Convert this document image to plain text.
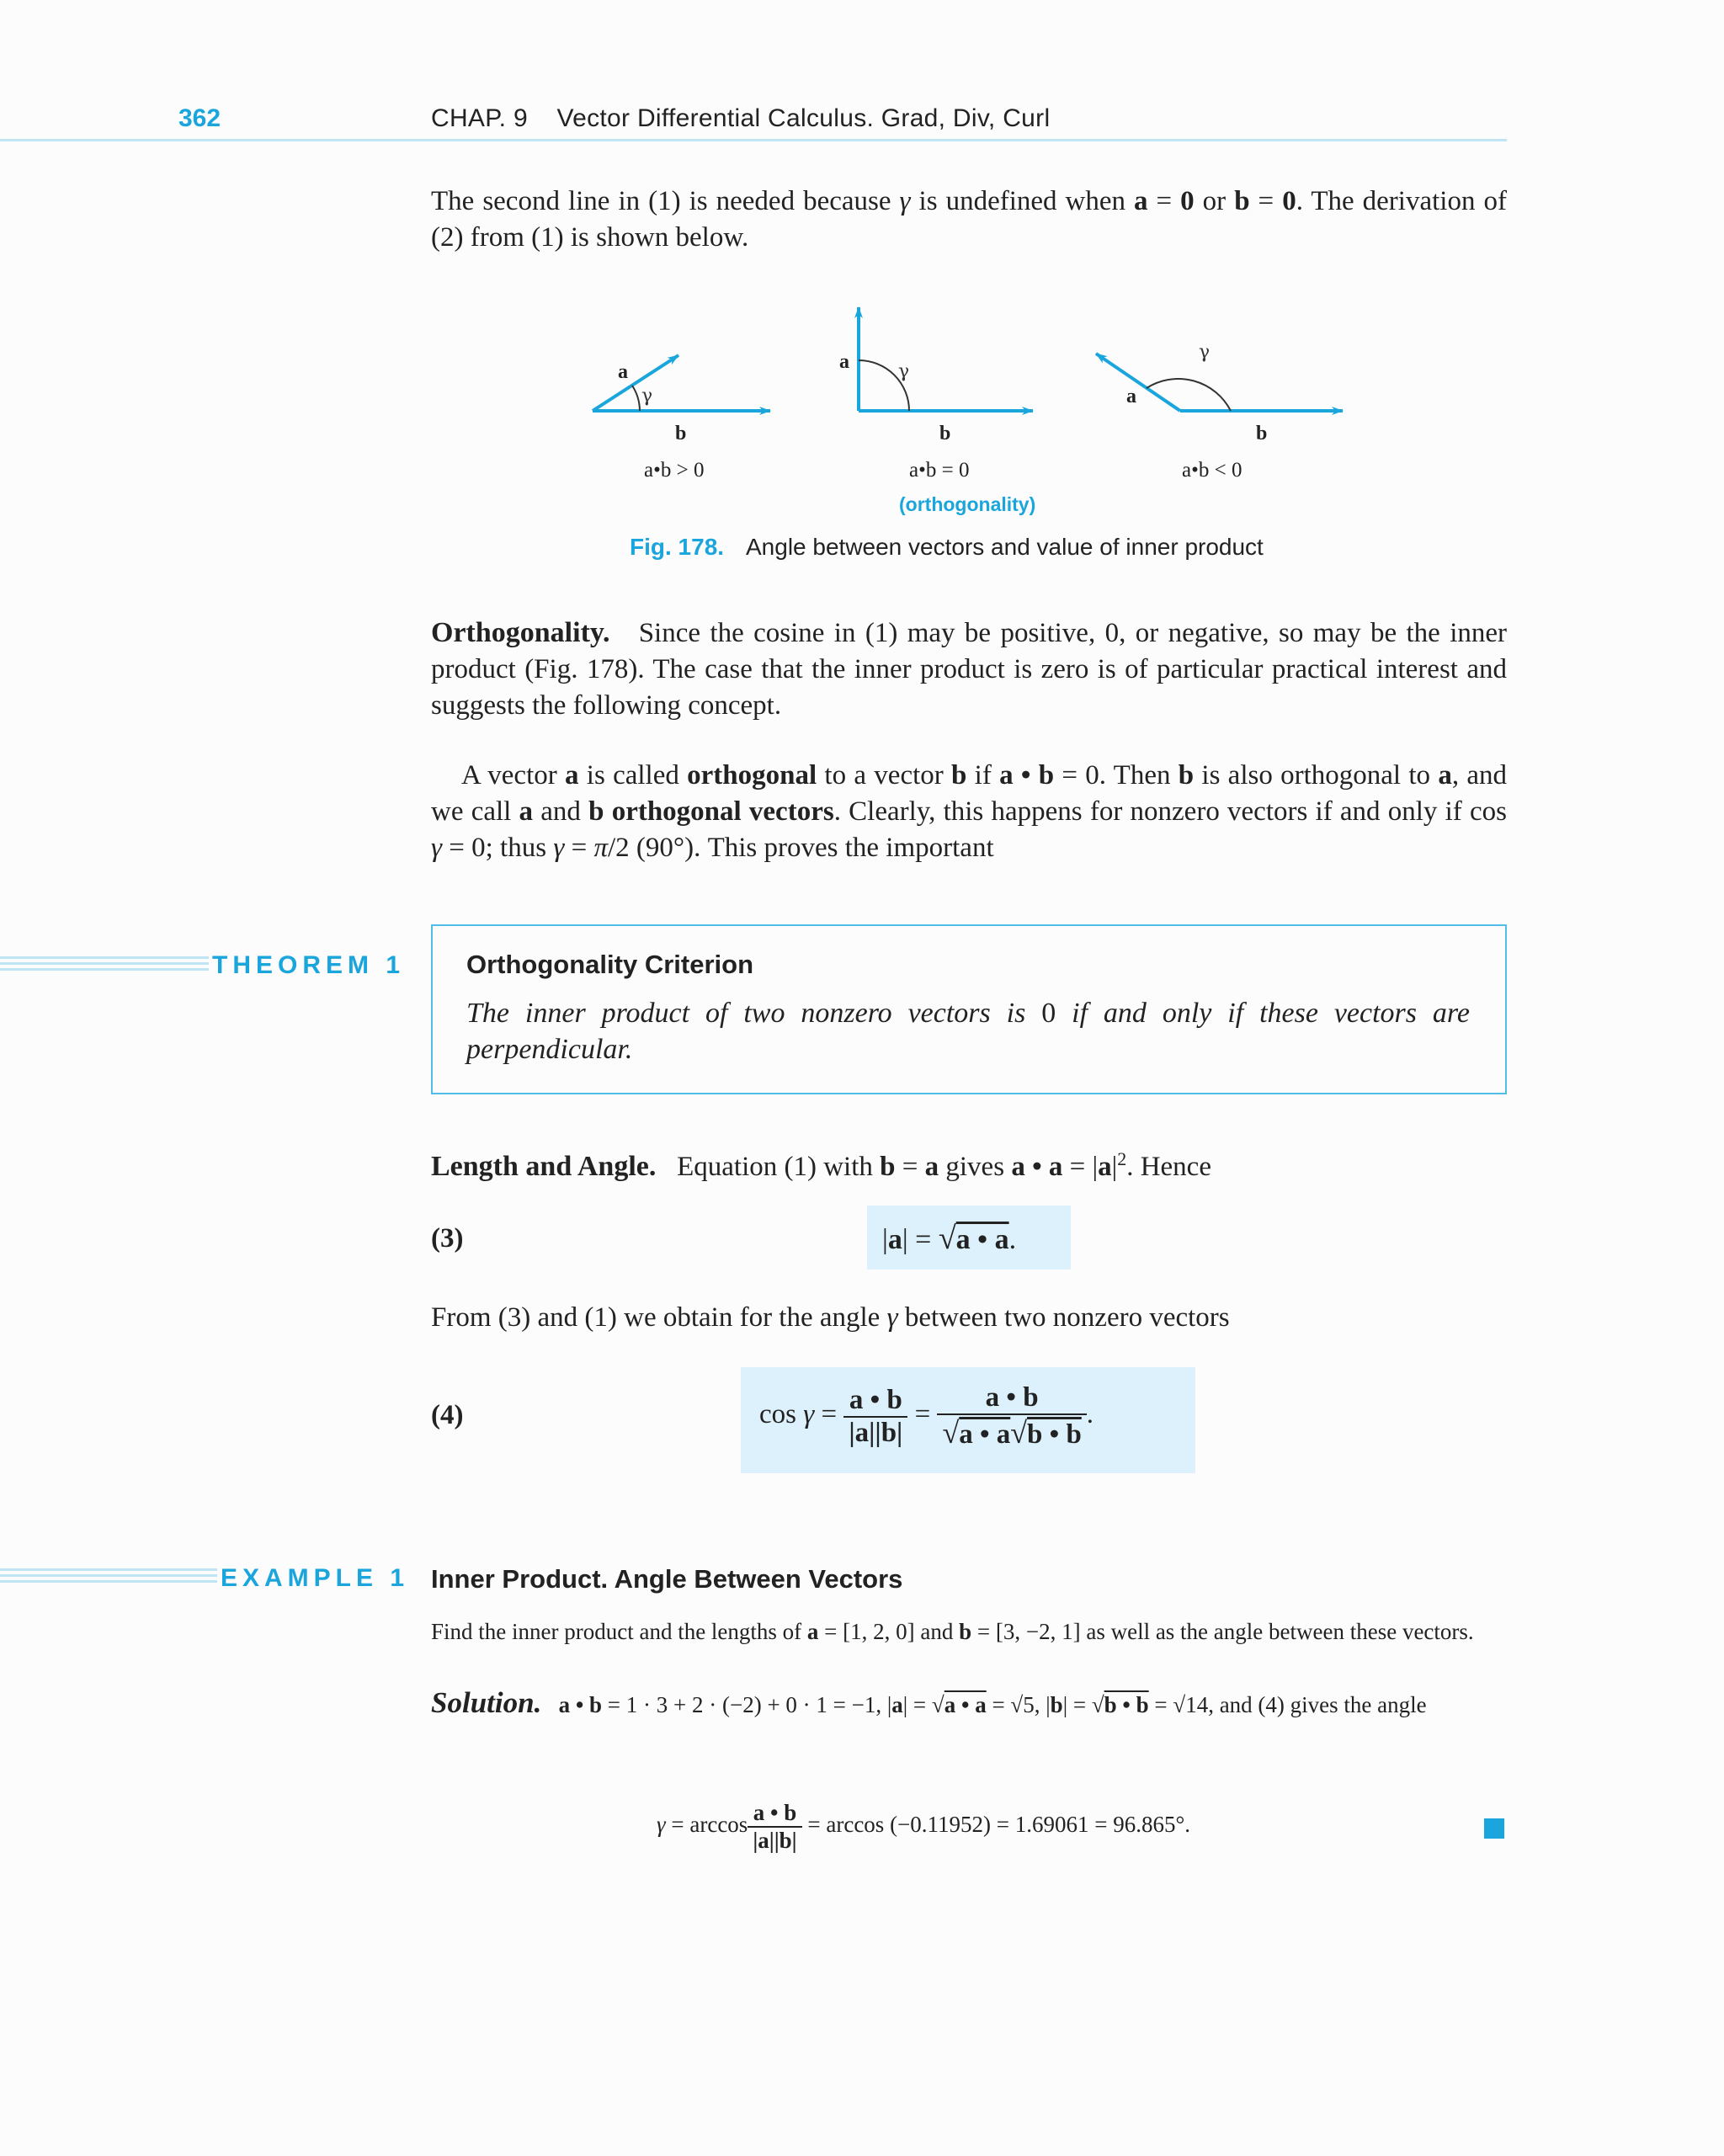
362	CHAP. 9    Vector Differential Calculus. Grad, Div, Curl
The second line in (1) is needed because γ is undefined when a = 0 or b = 0. The derivation of (2) from (1) is shown below.
a
γ
b
a•b > 0
a	γ
b
a•b = 0
a
γ
b
a•b < 0
(orthogonality)
Fig. 178. Angle between vectors and value of inner product
Orthogonality. Since the cosine in (1) may be positive, 0, or negative, so may be the inner product (Fig. 178). The case that the inner product is zero is of particular practical interest and suggests the following concept.
A vector a is called orthogonal to a vector b if a • b = 0. Then b is also orthogonal to a, and we call a and b orthogonal vectors. Clearly, this happens for nonzero vectors if and only if cos γ = 0; thus γ = π/2 (90°). This proves the important
THEOREM 1 Orthogonality Criterion
The inner product of two nonzero vectors is 0 if and only if these vectors are perpendicular.
Length and Angle. Equation (1) with b = a gives a • $a = |a|^2$. Hence
(3)	|a| = √a • a.
From (3) and (1) we obtain for the angle γ between two nonzero vectors
(4)	$\cos \gamma = \frac{a • b}{|a||b|} = \frac{a • b}{√a • a√b • b}$ .
EXAMPLE 1 Inner Product. Angle Between Vectors
Find the inner product and the lengths of a = [1, 2, 0] and b = [3, −2, 1] as well as the angle between these vectors.
Solution. a • b = 1 · 3 + 2 · (−2) + 0 · 1 = −1, |a| = √a • a = √5, |b| = √b • b = √14, and (4) gives the angle
$\gamma = \arccos \frac{a • b}{|a||b|} = \arccos (-0.11952) = 1.69061 = 96.865^\circ$.
